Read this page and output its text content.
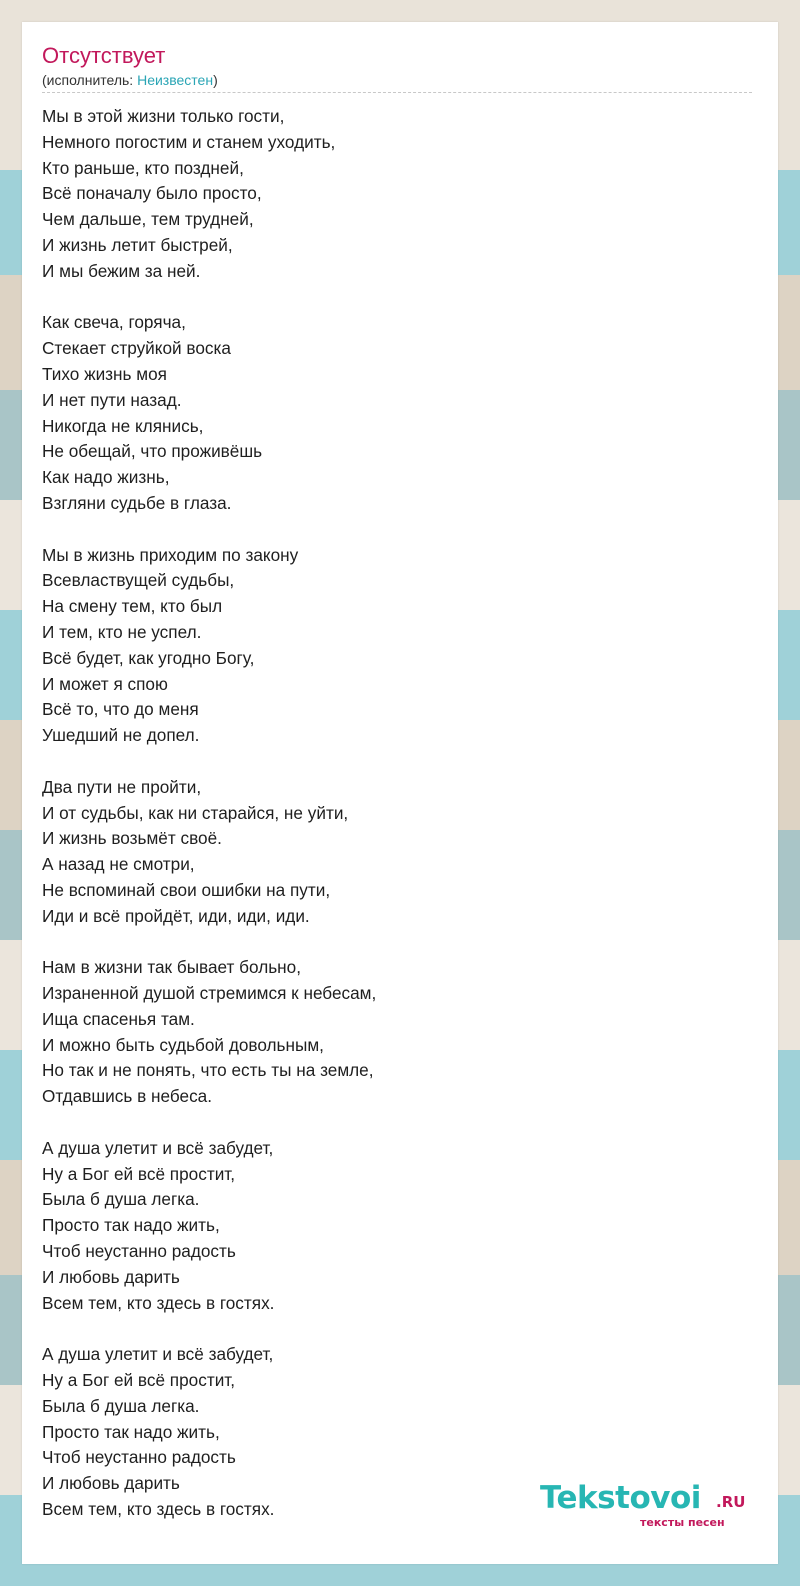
Отсутствует
(исполнитель: Неизвестен)
Мы в этой жизни только гости,
Немного погостим и станем уходить,
Кто раньше, кто поздней,
Всё поначалу было просто,
Чем дальше, тем трудней,
И жизнь летит быстрей,
И мы бежим за ней.
Как свеча, горяча,
Стекает струйкой воска
Тихо жизнь моя
И нет пути назад.
Никогда не клянись,
Не обещай, что проживёшь
Как надо жизнь,
Взгляни судьбе в глаза.
Мы в жизнь приходим по закону
Всевластвущей судьбы,
На смену тем, кто был
И тем, кто не успел.
Всё будет, как угодно Богу,
И может я спою
Всё то, что до меня
Ушедший не допел.
Два пути не пройти,
И от судьбы, как ни старайся, не уйти,
И жизнь возьмёт своё.
А назад не смотри,
Не вспоминай свои ошибки на пути,
Иди и всё пройдёт, иди, иди, иди.
Нам в жизни так бывает больно,
Израненной душой стремимся к небесам,
Ища спасенья там.
И можно быть судьбой довольным,
Но так и не понять, что есть ты на земле,
Отдавшись в небеса.
А душа улетит и всё забудет,
Ну а Бог ей всё простит,
Была б душа легка.
Просто так надо жить,
Чтоб неустанно радость
И любовь дарить
Всем тем, кто здесь в гостях.
А душа улетит и всё забудет,
Ну а Бог ей всё простит,
Была б душа легка.
Просто так надо жить,
Чтоб неустанно радость
И любовь дарить
Всем тем, кто здесь в гостях.	Tekstovoi .RU
тексты песен
